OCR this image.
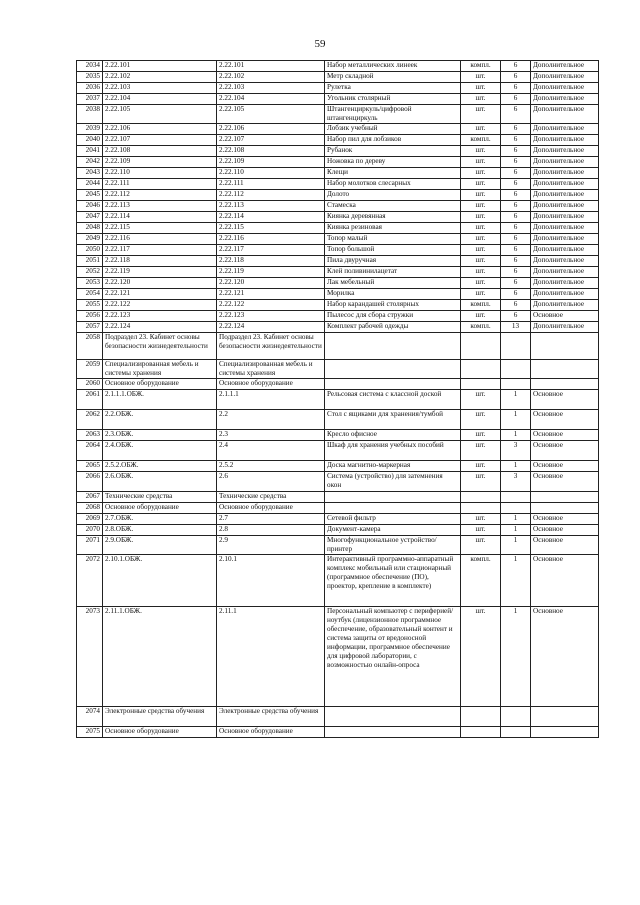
59
2034	2.22.101	2.22.101	Набор металлических линеек	компл.	6	Дополнительное
2035	2.22.102	2.22.102	Метр складной	шт.	6	Дополнительное
2036	2.22.103	2.22.103	Рулетка	шт.	6	Дополнительное
2037	2.22.104	2.22.104	Угольник столярный	шт.	6	Дополнительное
2038	2.22.105	2.22.105	Штангенциркуль/цифровой штангенциркуль	шт.	6	Дополнительное
2039	2.22.106	2.22.106	Лобзик учебный	шт.	6	Дополнительное
2040	2.22.107	2.22.107	Набор пил для лобзиков	компл.	6	Дополнительное
2041	2.22.108	2.22.108	Рубанок	шт.	6	Дополнительное
2042	2.22.109	2.22.109	Ножовка по дереву	шт.	6	Дополнительное
2043	2.22.110	2.22.110	Клещи	шт.	6	Дополнительное
2044	2.22.111	2.22.111	Набор молотков слесарных	шт.	6	Дополнительное
2045	2.22.112	2.22.112	Долото	шт.	6	Дополнительное
2046	2.22.113	2.22.113	Стамеска	шт.	6	Дополнительное
2047	2.22.114	2.22.114	Киянка деревянная	шт.	6	Дополнительное
2048	2.22.115	2.22.115	Киянка резиновая	шт.	6	Дополнительное
2049	2.22.116	2.22.116	Топор малый	шт.	6	Дополнительное
2050	2.22.117	2.22.117	Топор большой	шт.	6	Дополнительное
2051	2.22.118	2.22.118	Пила двуручная	шт.	6	Дополнительное
2052	2.22.119	2.22.119	Клей поливинилацетат	шт.	6	Дополнительное
2053	2.22.120	2.22.120	Лак мебельный	шт.	6	Дополнительное
2054	2.22.121	2.22.121	Морилка	шт.	6	Дополнительное
2055	2.22.122	2.22.122	Набор карандашей столярных	компл.	6	Дополнительное
2056	2.22.123	2.22.123	Пылесос для сбора стружки	шт.	6	Основное
2057	2.22.124	2.22.124	Комплект рабочей одежды	компл.	13	Дополнительное
2058	Подраздел 23. Кабинет основы безопасности жизнедеятельности	Подраздел 23. Кабинет основы безопасности жизнедеятельности				
2059	Специализированная мебель и системы хранения	Специализированная мебель и системы хранения				
2060	Основное оборудование	Основное оборудование				
2061	2.1.1.1.ОБЖ.	2.1.1.1	Рельсовая система с классной доской	шт.	1	Основное
2062	2.2.ОБЖ.	2.2	Стол с ящиками для хранения/тумбой	шт.	1	Основное
2063	2.3.ОБЖ.	2.3	Кресло офисное	шт.	1	Основное
2064	2.4.ОБЖ.	2.4	Шкаф для хранения учебных пособий	шт.	3	Основное
2065	2.5.2.ОБЖ.	2.5.2	Доска магнитно-маркерная	шт.	1	Основное
2066	2.6.ОБЖ.	2.6	Система (устройство) для затемнения окон	шт.	3	Основное
2067	Технические средства	Технические средства				
2068	Основное оборудование	Основное оборудование				
2069	2.7.ОБЖ.	2.7	Сетевой фильтр	шт.	1	Основное
2070	2.8.ОБЖ.	2.8	Документ-камера	шт.	1	Основное
2071	2.9.ОБЖ.	2.9	Многофункциональное устройство/принтер	шт.	1	Основное
2072	2.10.1.ОБЖ.	2.10.1	Интерактивный программно-аппаратный комплекс мобильный или стационарный (программное обеспечение (ПО), проектор, крепление в комплекте)	компл.	1	Основное
2073	2.11.1.ОБЖ.	2.11.1	Персональный компьютер с периферией/ноутбук (лицензионное программное обеспечение, образовательный контент и система защиты от вредоносной информации, программное обеспечение для цифровой лаборатории, с возможностью онлайн-опроса	шт.	1	Основное
2074	Электронные средства обучения	Электронные средства обучения				
2075	Основное оборудование	Основное оборудование				
